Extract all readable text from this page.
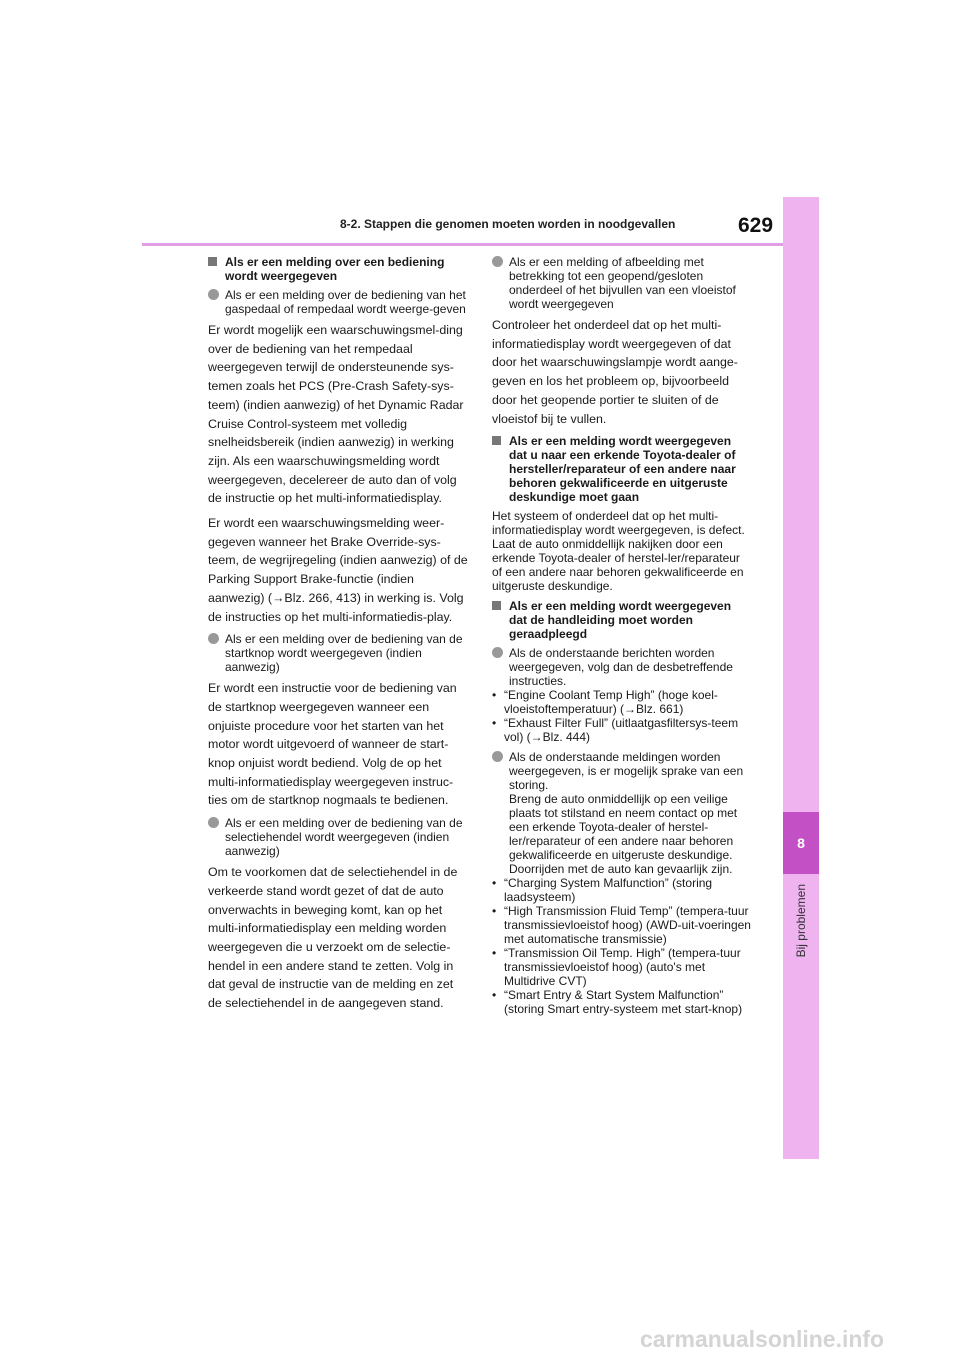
8
Bij problemen
8-2. Stappen die genomen moeten worden in noodgevallen	629
Als er een melding over een bediening wordt weergegeven
Als er een melding over de bediening van het gaspedaal of rempedaal wordt weerge-geven
Er wordt mogelijk een waarschuwingsmel-ding over de bediening van het rempedaal weergegeven terwijl de ondersteunende sys-temen zoals het PCS (Pre-Crash Safety-sys-teem) (indien aanwezig) of het Dynamic Radar Cruise Control-systeem met volledig snelheidsbereik (indien aanwezig) in werking zijn. Als een waarschuwingsmelding wordt weergegeven, decelereer de auto dan of volg de instructie op het multi-informatiedisplay.
Er wordt een waarschuwingsmelding weer-gegeven wanneer het Brake Override-sys-teem, de wegrijregeling (indien aanwezig) of de Parking Support Brake-functie (indien aanwezig) (→Blz. 266, 413) in werking is. Volg de instructies op het multi-informatiedis-play.
Als er een melding over de bediening van de startknop wordt weergegeven (indien aanwezig)
Er wordt een instructie voor de bediening van de startknop weergegeven wanneer een onjuiste procedure voor het starten van het motor wordt uitgevoerd of wanneer de start-knop onjuist wordt bediend. Volg de op het multi-informatiedisplay weergegeven instruc-ties om de startknop nogmaals te bedienen.
Als er een melding over de bediening van de selectiehendel wordt weergegeven (indien aanwezig)
Om te voorkomen dat de selectiehendel in de verkeerde stand wordt gezet of dat de auto onverwachts in beweging komt, kan op het multi-informatiedisplay een melding worden weergegeven die u verzoekt om de selectie-hendel in een andere stand te zetten. Volg in dat geval de instructie van de melding en zet de selectiehendel in de aangegeven stand.
Als er een melding of afbeelding met betrekking tot een geopend/gesloten onderdeel of het bijvullen van een vloeistof wordt weergegeven
Controleer het onderdeel dat op het multi-informatiedisplay wordt weergegeven of dat door het waarschuwingslampje wordt aange-geven en los het probleem op, bijvoorbeeld door het geopende portier te sluiten of de vloeistof bij te vullen.
Als er een melding wordt weergegeven dat u naar een erkende Toyota-dealer of hersteller/reparateur of een andere naar behoren gekwalificeerde en uitgeruste deskundige moet gaan
Het systeem of onderdeel dat op het multi-informatiedisplay wordt weergegeven, is defect. Laat de auto onmiddellijk nakijken door een erkende Toyota-dealer of herstel-ler/reparateur of een andere naar behoren gekwalificeerde en uitgeruste deskundige.
Als er een melding wordt weergegeven dat de handleiding moet worden geraadpleegd
Als de onderstaande berichten worden weergegeven, volg dan de desbetreffende instructies.
• “Engine Coolant Temp High” (hoge koel-vloeistoftemperatuur) (→Blz. 661)
• “Exhaust Filter Full” (uitlaatgasfiltersys-teem vol) (→Blz. 444)
Als de onderstaande meldingen worden weergegeven, is er mogelijk sprake van een storing.
Breng de auto onmiddellijk op een veilige plaats tot stilstand en neem contact op met een erkende Toyota-dealer of herstel-ler/reparateur of een andere naar behoren gekwalificeerde en uitgeruste deskundige. Doorrijden met de auto kan gevaarlijk zijn.
• “Charging System Malfunction” (storing laadsysteem)
• “High Transmission Fluid Temp” (tempera-tuur transmissievloeistof hoog) (AWD-uit-voeringen met automatische transmissie)
• “Transmission Oil Temp. High” (tempera-tuur transmissievloeistof hoog) (auto's met Multidrive CVT)
• “Smart Entry & Start System Malfunction” (storing Smart entry-systeem met start-knop)
carmanualsonline.info
